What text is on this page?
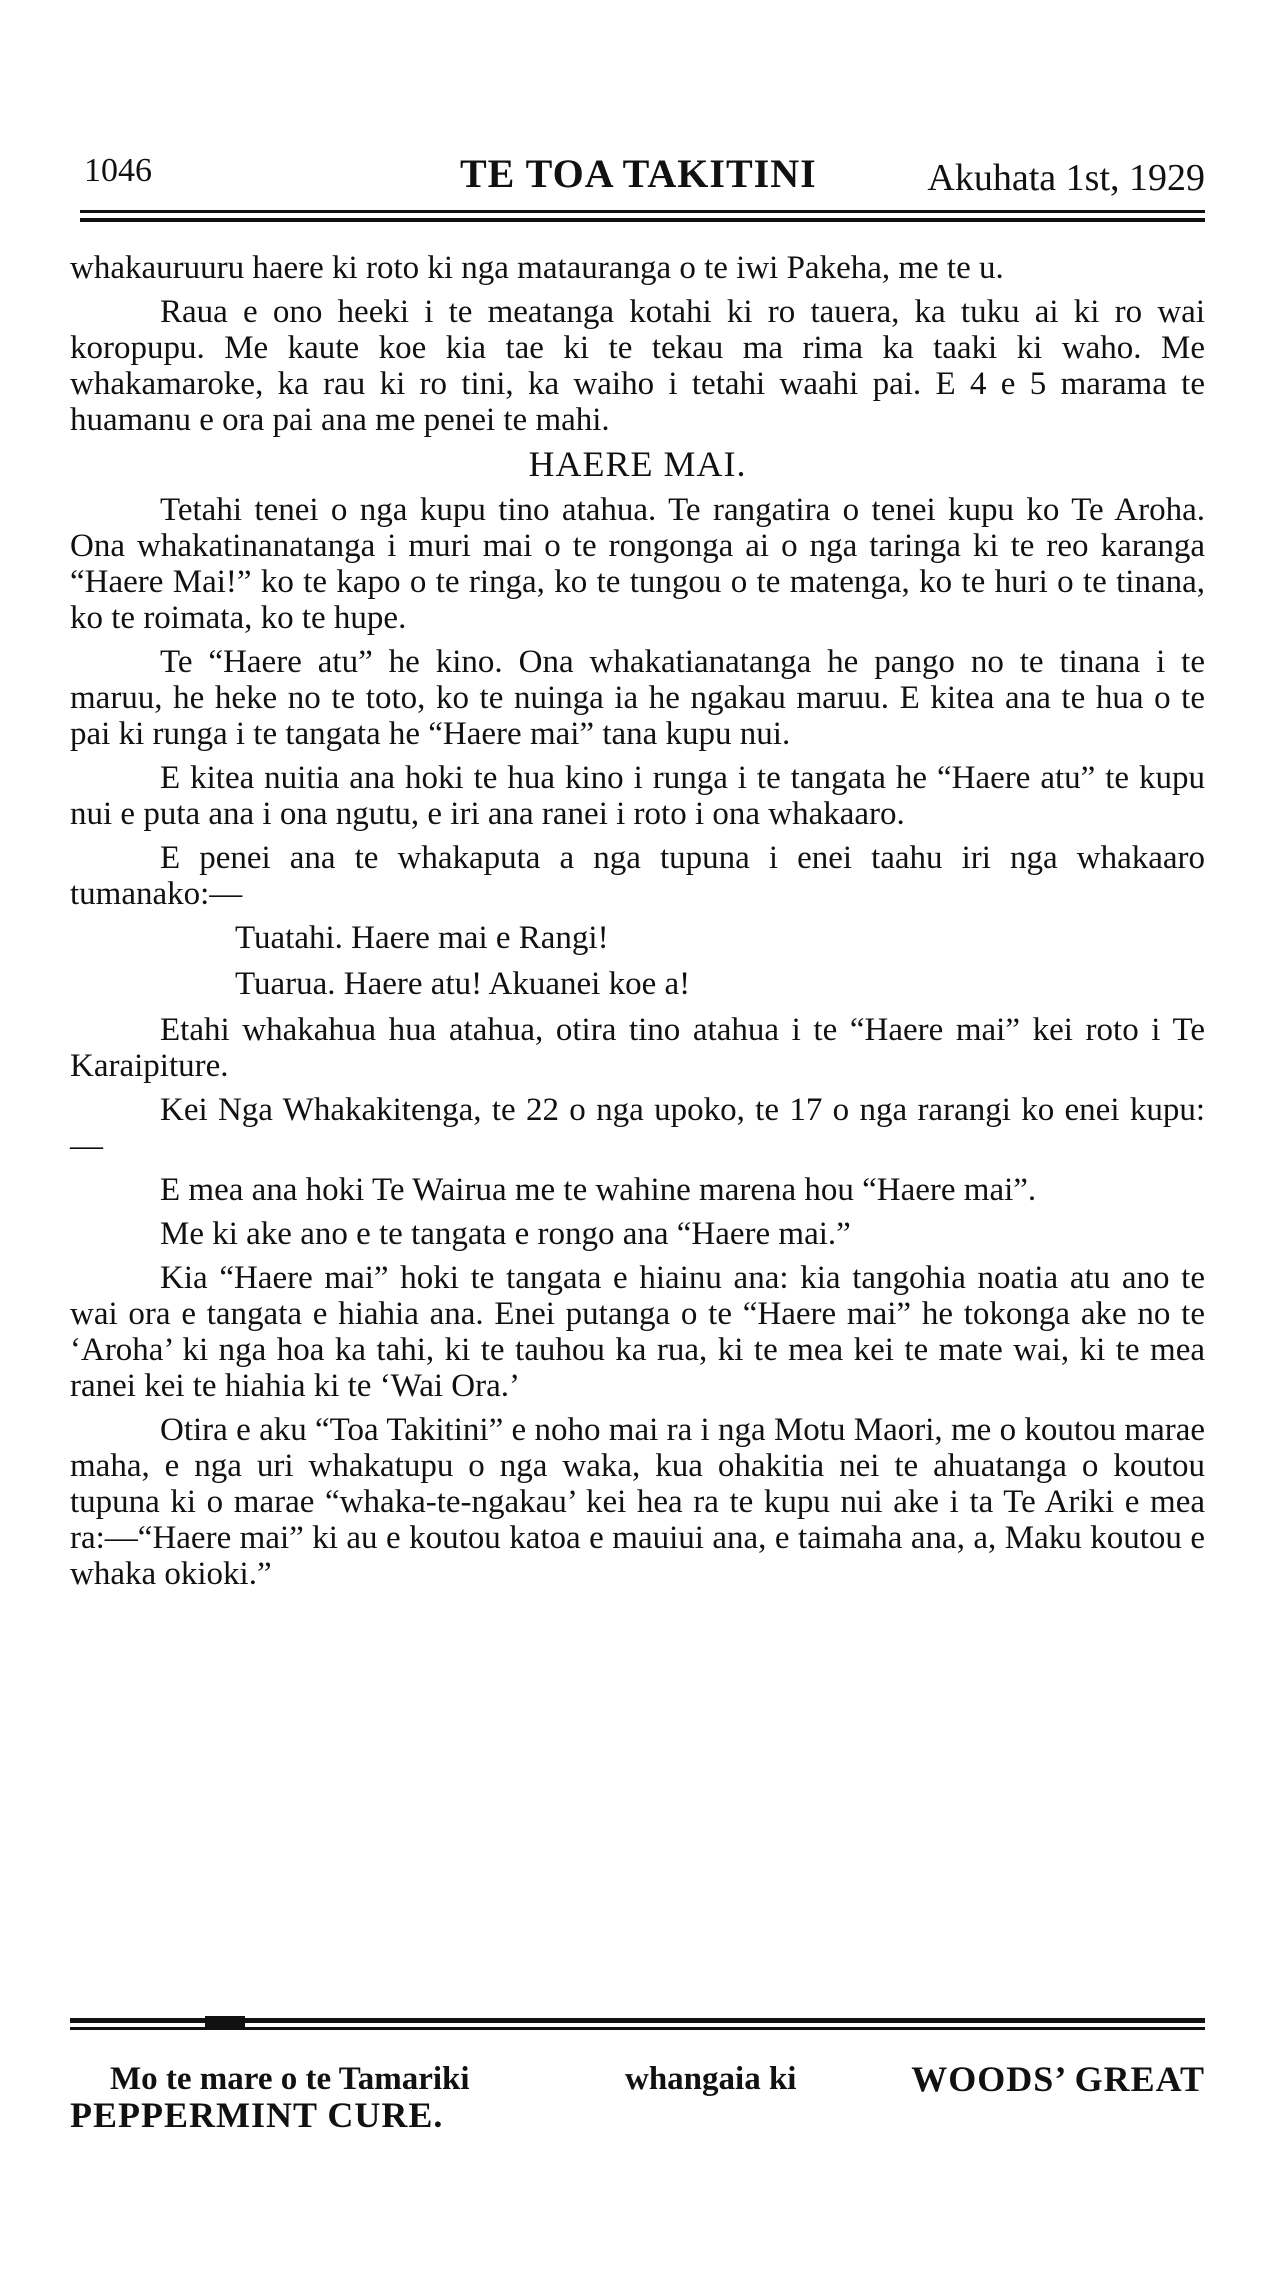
1046	TE TOA TAKITINI	Akuhata 1st, 1929

whakauruuru haere ki roto ki nga matauranga o te iwi Pakeha, me te u.

Raua e ono heeki i te meatanga kotahi ki ro tauera, ka tuku ai ki ro wai koropupu. Me kaute koe kia tae ki te tekau ma rima ka taaki ki waho. Me whakamaroke, ka rau ki ro tini, ka waiho i tetahi waahi pai. E 4 e 5 marama te huamanu e ora pai ana me penei te mahi.

HAERE MAI.

Tetahi tenei o nga kupu tino atahua. Te rangatira o tenei kupu ko Te Aroha. Ona whakatinanatanga i muri mai o te rongonga ai o nga taringa ki te reo karanga “Haere Mai!” ko te kapo o te ringa, ko te tungou o te matenga, ko te huri o te tinana, ko te roimata, ko te hupe.

Te “Haere atu” he kino. Ona whakatianatanga he pango no te tinana i te maruu, he heke no te toto, ko te nuinga ia he ngakau maruu. E kitea ana te hua o te pai ki runga i te tangata he “Haere mai” tana kupu nui.

E kitea nuitia ana hoki te hua kino i runga i te tangata he “Haere atu” te kupu nui e puta ana i ona ngutu, e iri ana ranei i roto i ona whakaaro.

E penei ana te whakaputa a nga tupuna i enei taahu iri nga whakaaro tumanako:—

Tuatahi. Haere mai e Rangi!
Tuarua. Haere atu! Akuanei koe a!

Etahi whakahua hua atahua, otira tino atahua i te “Haere mai” kei roto i Te Karaipiture.

Kei Nga Whakakitenga, te 22 o nga upoko, te 17 o nga rarangi ko enei kupu:—

E mea ana hoki Te Wairua me te wahine marena hou “Haere mai”.

Me ki ake ano e te tangata e rongo ana “Haere mai.”

Kia “Haere mai” hoki te tangata e hiainu ana: kia tangohia noatia atu ano te wai ora e tangata e hiahia ana. Enei putanga o te “Haere mai” he tokonga ake no te ‘Aroha’ ki nga hoa ka tahi, ki te tauhou ka rua, ki te mea kei te mate wai, ki te mea ranei kei te hiahia ki te ‘Wai Ora.’

Otira e aku “Toa Takitini” e noho mai ra i nga Motu Maori, me o koutou marae maha, e nga uri whakatupu o nga waka, kua ohakitia nei te ahuatanga o koutou tupuna ki o marae “whaka-te-ngakau’ kei hea ra te kupu nui ake i ta Te Ariki e mea ra:—“Haere mai” ki au e koutou katoa e mauiui ana, e taimaha ana, a, Maku koutou e whaka okioki.”

Mo te mare o te Tamariki	whangaia ki	WOODS’ GREAT
PEPPERMINT CURE.
